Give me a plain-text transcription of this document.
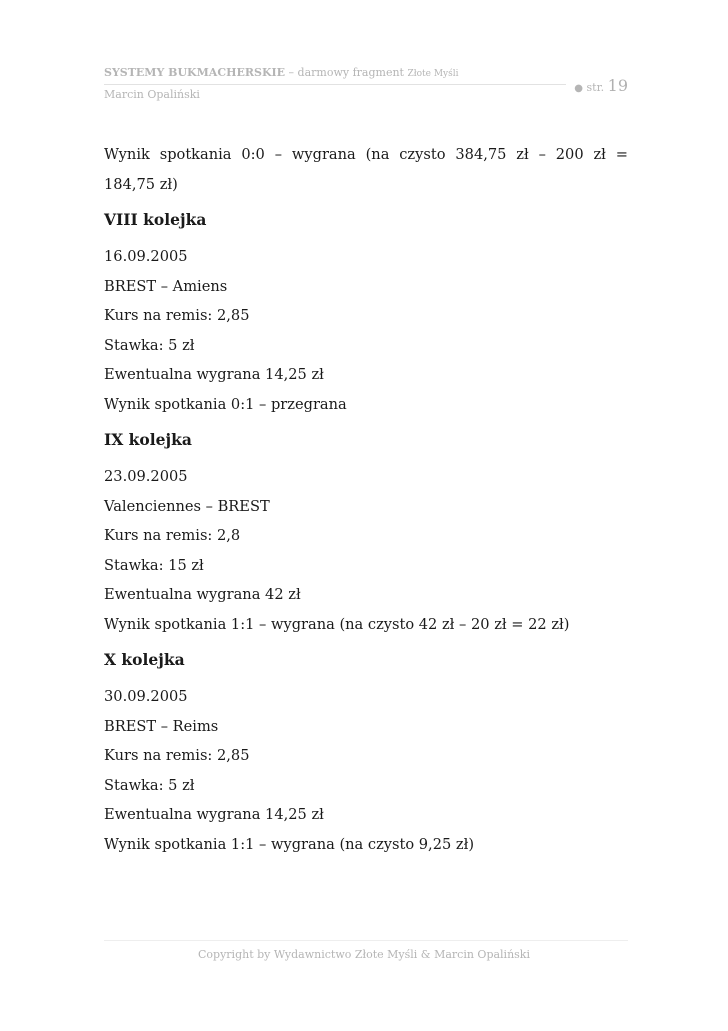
SYSTEMY BUKMACHERSKIE – darmowy fragment Złote Myśli
Marcin Opaliński	● str. 19
Wynik spotkania 0:0 – wygrana (na czysto 384,75 zł – 200 zł =
184,75 zł)
VIII kolejka
16.09.2005
BREST – Amiens
Kurs na remis: 2,85
Stawka: 5 zł
Ewentualna wygrana 14,25 zł
Wynik spotkania 0:1 – przegrana
IX kolejka
23.09.2005
Valenciennes – BREST
Kurs na remis: 2,8
Stawka: 15 zł
Ewentualna wygrana 42 zł
Wynik spotkania 1:1 – wygrana (na czysto 42 zł – 20 zł = 22 zł)
X kolejka
30.09.2005
BREST – Reims
Kurs na remis: 2,85
Stawka: 5 zł
Ewentualna wygrana 14,25 zł
Wynik spotkania 1:1 – wygrana (na czysto 9,25 zł)
Copyright by Wydawnictwo Złote Myśli & Marcin Opaliński
